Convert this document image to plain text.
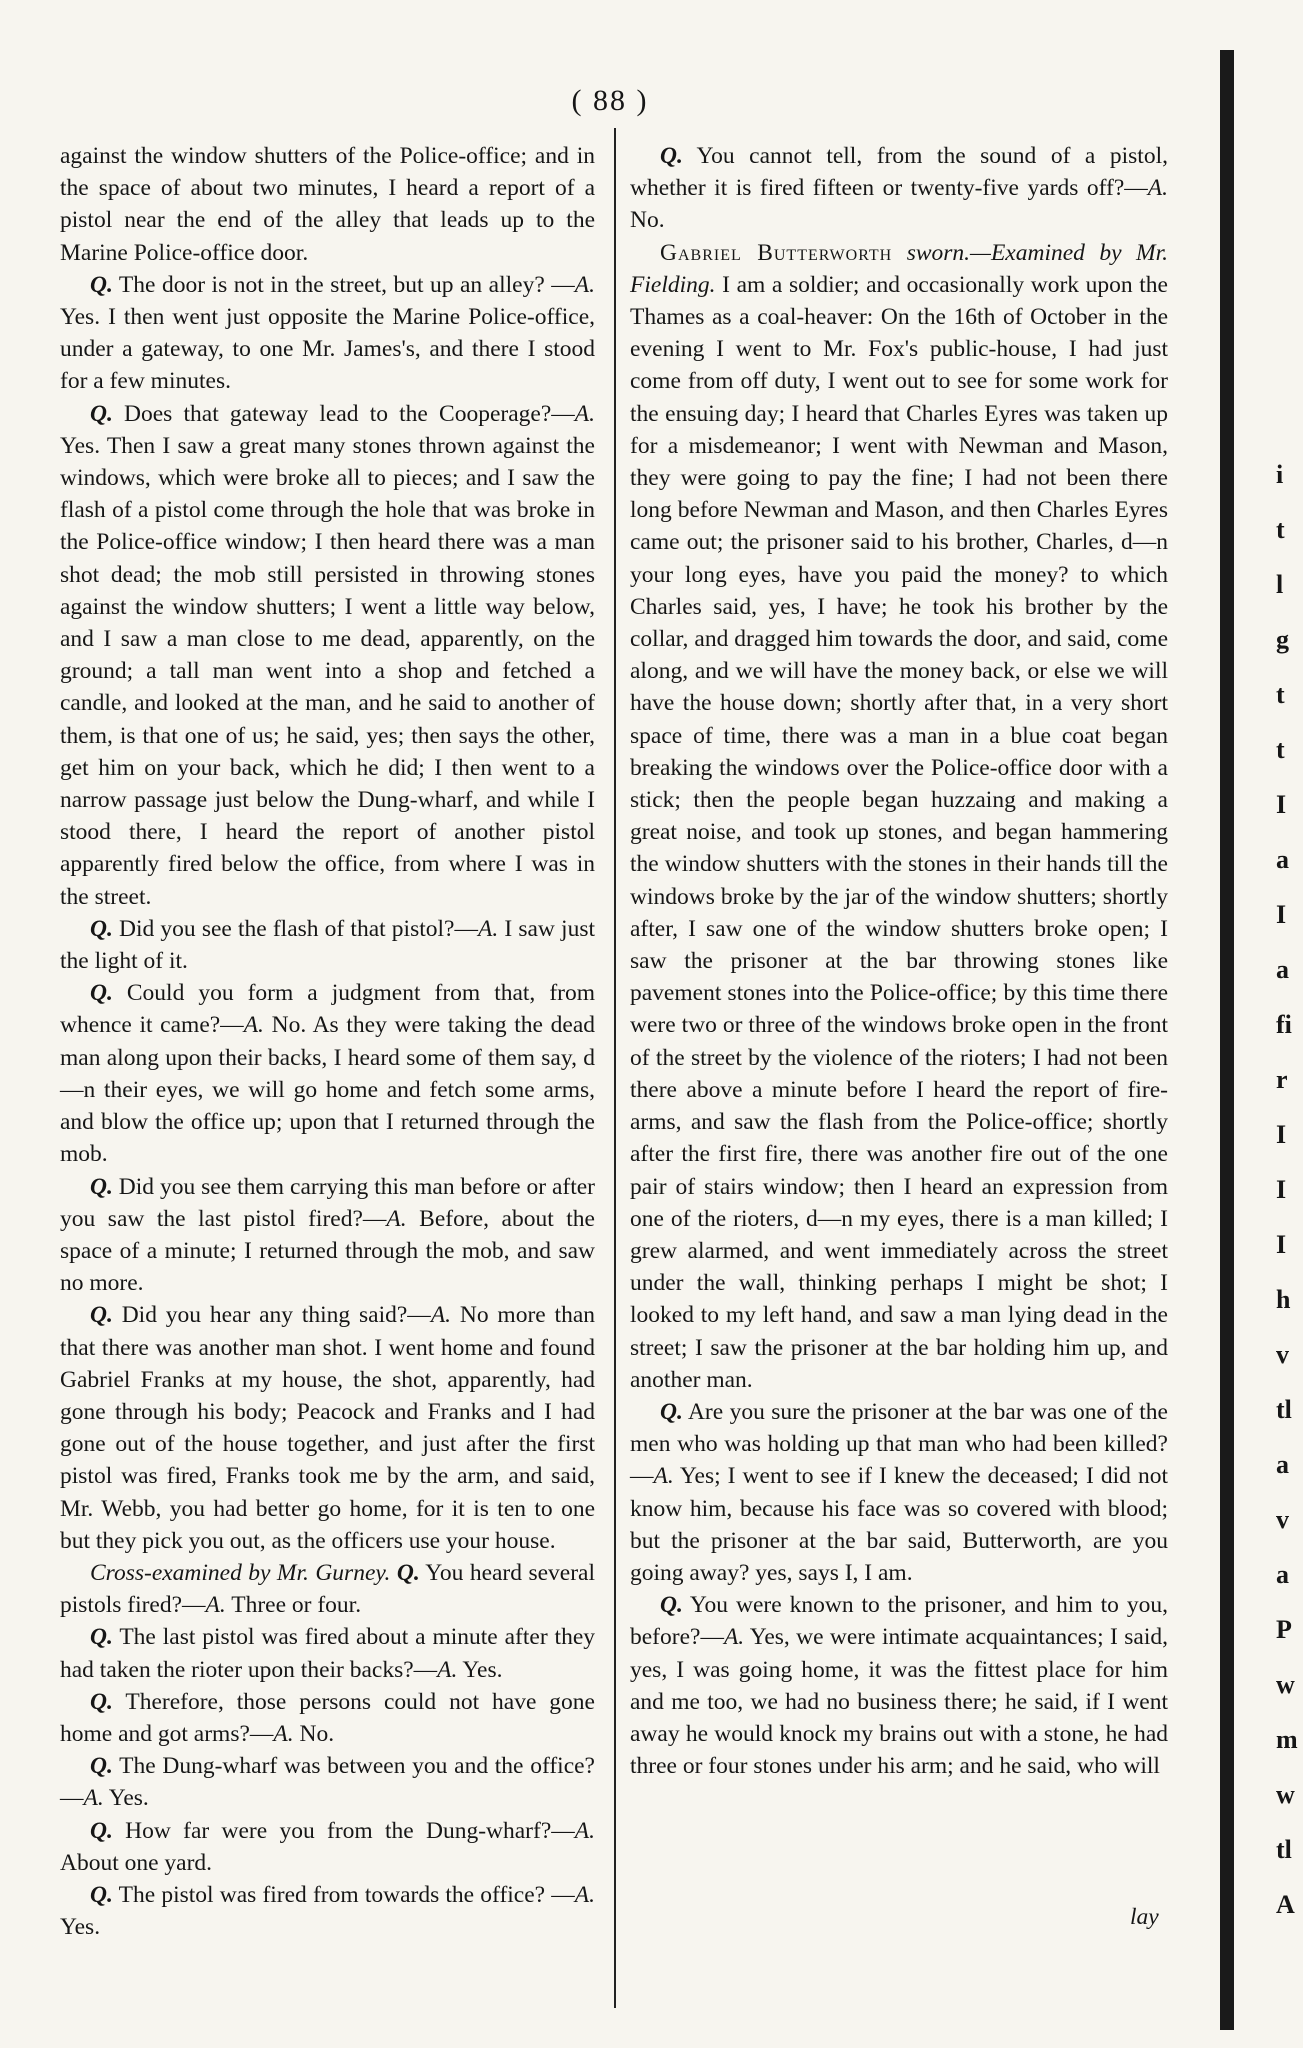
( 88 )

against the window shutters of the Police-office; and in the space of about two minutes, I heard a report of a pistol near the end of the alley that leads up to the Marine Police-office door.

Q. The door is not in the street, but up an alley? —A. Yes. I then went just opposite the Marine Police-office, under a gateway, to one Mr. James's, and there I stood for a few minutes.

Q. Does that gateway lead to the Cooperage?—A. Yes. Then I saw a great many stones thrown against the windows, which were broke all to pieces; and I saw the flash of a pistol come through the hole that was broke in the Police-office window; I then heard there was a man shot dead; the mob still persisted in throwing stones against the window shutters; I went a little way below, and I saw a man close to me dead, apparently, on the ground; a tall man went into a shop and fetched a candle, and looked at the man, and he said to another of them, is that one of us; he said, yes; then says the other, get him on your back, which he did; I then went to a narrow passage just below the Dung-wharf, and while I stood there, I heard the report of another pistol apparently fired below the office, from where I was in the street.

Q. Did you see the flash of that pistol?—A. I saw just the light of it.

Q. Could you form a judgment from that, from whence it came?—A. No. As they were taking the dead man along upon their backs, I heard some of them say, d—n their eyes, we will go home and fetch some arms, and blow the office up; upon that I returned through the mob.

Q. Did you see them carrying this man before or after you saw the last pistol fired?—A. Before, about the space of a minute; I returned through the mob, and saw no more.

Q. Did you hear any thing said?—A. No more than that there was another man shot. I went home and found Gabriel Franks at my house, the shot, apparently, had gone through his body; Peacock and Franks and I had gone out of the house together, and just after the first pistol was fired, Franks took me by the arm, and said, Mr. Webb, you had better go home, for it is ten to one but they pick you out, as the officers use your house.

Cross-examined by Mr. Gurney. Q. You heard several pistols fired?—A. Three or four.

Q. The last pistol was fired about a minute after they had taken the rioter upon their backs?—A. Yes.

Q. Therefore, those persons could not have gone home and got arms?—A. No.

Q. The Dung-wharf was between you and the office?—A. Yes.

Q. How far were you from the Dung-wharf?—A. About one yard.

Q. The pistol was fired from towards the office? —A. Yes.

Q. You cannot tell, from the sound of a pistol, whether it is fired fifteen or twenty-five yards off?—A. No.

Gabriel Butterworth sworn.—Examined by Mr. Fielding. I am a soldier; and occasionally work upon the Thames as a coal-heaver: On the 16th of October in the evening I went to Mr. Fox's public-house, I had just come from off duty, I went out to see for some work for the ensuing day; I heard that Charles Eyres was taken up for a misdemeanor; I went with Newman and Mason, they were going to pay the fine; I had not been there long before Newman and Mason, and then Charles Eyres came out; the prisoner said to his brother, Charles, d—n your long eyes, have you paid the money? to which Charles said, yes, I have; he took his brother by the collar, and dragged him towards the door, and said, come along, and we will have the money back, or else we will have the house down; shortly after that, in a very short space of time, there was a man in a blue coat began breaking the windows over the Police-office door with a stick; then the people began huzzaing and making a great noise, and took up stones, and began hammering the window shutters with the stones in their hands till the windows broke by the jar of the window shutters; shortly after, I saw one of the window shutters broke open; I saw the prisoner at the bar throwing stones like pavement stones into the Police-office; by this time there were two or three of the windows broke open in the front of the street by the violence of the rioters; I had not been there above a minute before I heard the report of fire-arms, and saw the flash from the Police-office; shortly after the first fire, there was another fire out of the one pair of stairs window; then I heard an expression from one of the rioters, d—n my eyes, there is a man killed; I grew alarmed, and went immediately across the street under the wall, thinking perhaps I might be shot; I looked to my left hand, and saw a man lying dead in the street; I saw the prisoner at the bar holding him up, and another man.

Q. Are you sure the prisoner at the bar was one of the men who was holding up that man who had been killed?—A. Yes; I went to see if I knew the deceased; I did not know him, because his face was so covered with blood; but the prisoner at the bar said, Butterworth, are you going away? yes, says I, I am.

Q. You were known to the prisoner, and him to you, before?—A. Yes, we were intimate acquaintances; I said, yes, I was going home, it was the fittest place for him and me too, we had no business there; he said, if I went away he would knock my brains out with a stone, he had three or four stones under his arm; and he said, who will

lay
i
t
l
g
t
t
I
a
I
a
fi
r
I
I
I
h
v
tl
a
v
a
P
w
m
w
tl
A
